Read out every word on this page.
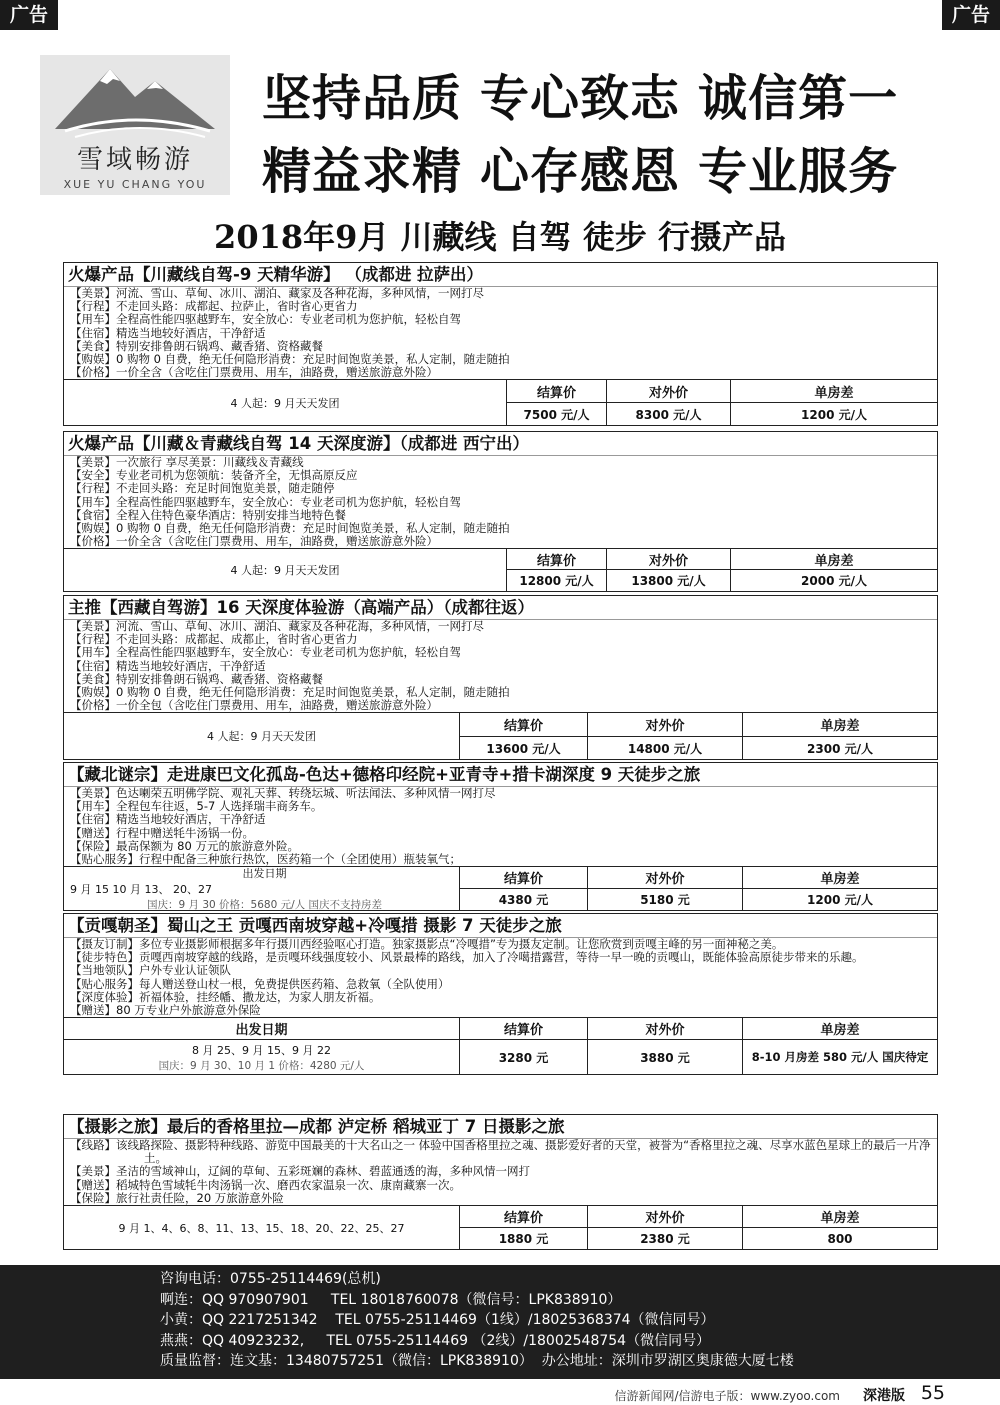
广告	广告
雪域畅游
XUE YU CHANG YOU
坚持品质 专心致志 诚信第一
精益求精 心存感恩 专业服务
2018年9月 川藏线 自驾 徒步 行摄产品
火爆产品【川藏线自驾-9 天精华游】 （成都进 拉萨出）
【美景】河流、雪山、草甸、冰川、湖泊、藏家及各种花海，多种风情，一网打尽
【行程】不走回头路：成都起、拉萨止，省时省心更省力
【用车】全程高性能四驱越野车，安全放心：专业老司机为您护航，轻松自驾
【住宿】精选当地较好酒店，干净舒适
【美食】特别安排鲁朗石锅鸡、藏香猪、资格藏餐
【购娱】0 购物 0 自费，绝无任何隐形消费：充足时间饱览美景，私人定制，随走随拍
【价格】一价全含（含吃住门票费用、用车，油路费，赠送旅游意外险）
4 人起：9 月天天发团
结算价	对外价	单房差
7500 元/人	8300 元/人	1200 元/人
火爆产品【川藏＆青藏线自驾 14 天深度游】（成都进 西宁出）
【美景】一次旅行 享尽美景：川藏线＆青藏线
【安全】专业老司机为您领航：装备齐全，无惧高原反应
【行程】不走回头路：充足时间饱览美景，随走随停
【用车】全程高性能四驱越野车，安全放心：专业老司机为您护航，轻松自驾
【食宿】全程入住特色豪华酒店：特别安排当地特色餐
【购娱】0 购物 0 自费，绝无任何隐形消费：充足时间饱览美景，私人定制，随走随拍
【价格】一价全含（含吃住门票费用、用车，油路费，赠送旅游意外险）
4 人起：9 月天天发团
结算价	对外价	单房差
12800 元/人	13800 元/人	2000 元/人
主推【西藏自驾游】16 天深度体验游（高端产品）（成都往返）
【美景】河流、雪山、草甸、冰川、湖泊、藏家及各种花海，多种风情，一网打尽
【行程】不走回头路：成都起、成都止，省时省心更省力
【用车】全程高性能四驱越野车，安全放心：专业老司机为您护航，轻松自驾
【住宿】精选当地较好酒店，干净舒适
【美食】特别安排鲁朗石锅鸡、藏香猪、资格藏餐
【购娱】0 购物 0 自费，绝无任何隐形消费：充足时间饱览美景，私人定制，随走随拍
【价格】一价全包（含吃住门票费用、用车，油路费，赠送旅游意外险）
4 人起：9 月天天发团
结算价	对外价	单房差
13600 元/人	14800 元/人	2300 元/人
【藏北谜宗】走进康巴文化孤岛-色达+德格印经院+亚青寺+措卡湖深度 9 天徒步之旅
【美景】色达喇荣五明佛学院、观礼天葬、转绕坛城、听法闻法、多种风情一网打尽
【用车】全程包车往返，5-7 人选择瑞丰商务车。
【住宿】精选当地较好酒店，干净舒适
【赠送】行程中赠送牦牛汤锅一份。
【保险】最高保额为 80 万元的旅游意外险。
【贴心服务】行程中配备三种旅行热饮，医药箱一个（全团使用）瓶装氧气；
出发日期
9 月 15 10 月 13、 20、27
国庆：9 月 30 价格：5680 元/人 国庆不支持房差
结算价	对外价	单房差
4380 元	5180 元	1200 元/人
【贡嘎朝圣】蜀山之王 贡嘎西南坡穿越+冷嘎措 摄影 7 天徒步之旅
【摄友订制】多位专业摄影师根据多年行摄川西经验呕心打造。独家摄影点“冷嘎措”专为摄友定制。让您欣赏到贡嘎主峰的另一面神秘之美。
【徒步特色】贡嘎西南坡穿越的线路，是贡嘎环线强度较小、风景最棒的路线，加入了冷噶措露营，等待一早一晚的贡嘎山，既能体验高原徒步带来的乐趣。
【当地领队】户外专业认证领队
【贴心服务】每人赠送登山杖一根，免费提供医药箱、急救氧（全队使用）
【深度体验】祈福体验，挂经幡、撒龙达，为家人朋友祈福。
【赠送】80 万专业户外旅游意外保险
出发日期	结算价	对外价	单房差
8 月 25、9 月 15、9 月 22
国庆：9 月 30、10 月 1 价格：4280 元/人
3280 元	3880 元	8-10 月房差 580 元/人 国庆待定
【摄影之旅】最后的香格里拉—成都 泸定桥 稻城亚丁 7 日摄影之旅
【线路】该线路探险、摄影特种线路、游览中国最美的十大名山之一 体验中国香格里拉之魂、摄影爱好者的天堂，被誉为“香格里拉之魂、尽享水蓝色星球上的最后一片净土。
【美景】圣洁的雪域神山，辽阔的草甸、五彩斑斓的森林、碧蓝通透的海，多种风情一网打
【赠送】稻城特色雪域牦牛肉汤锅一次、磨西农家温泉一次、康南藏寨一次。
【保险】旅行社责任险，20 万旅游意外险
9 月 1、4、6、8、11、13、15、18、20、22、25、27
结算价	对外价	单房差
1880 元	2380 元	800
咨询电话：0755-25114469(总机)
啊连：QQ 970907901     TEL 18018760078（微信号：LPK838910）
小黄：QQ 2217251342    TEL 0755-25114469（1线）/18025368374（微信同号）
燕燕：QQ 40923232,     TEL 0755-25114469 （2线）/18002548754（微信同号）
质量监督：连文基：13480757251（微信：LPK838910）  办公地址：深圳市罗湖区奥康德大厦七楼
信游新闻网/信游电子版：www.zyoo.com 深港版 55
